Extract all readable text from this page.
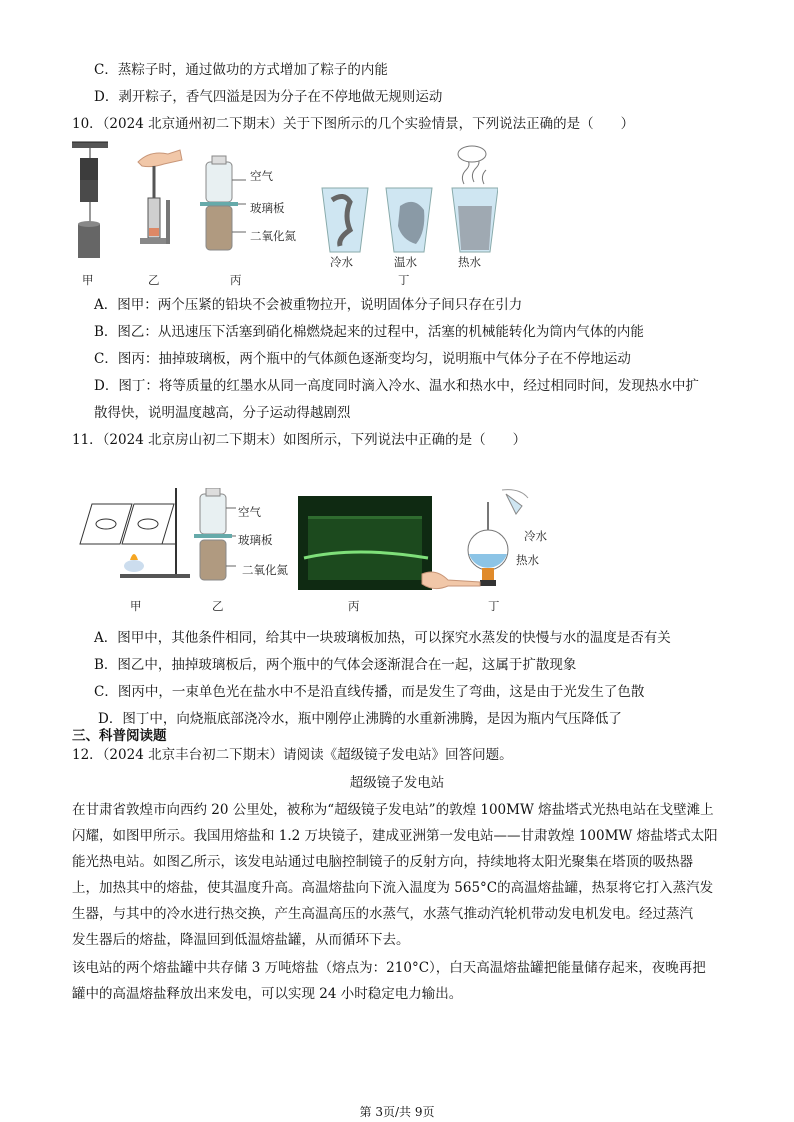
C．蒸粽子时，通过做功的方式增加了粽子的内能
D．剥开粽子，香气四溢是因为分子在不停地做无规则运动
10．（2024 北京通州初二下期末）关于下图所示的几个实验情景，下列说法正确的是（　　）
空气
玻璃板
二氧化氮
冷水	温水	热水
甲	乙	丙	丁
A．图甲：两个压紧的铅块不会被重物拉开，说明固体分子间只存在引力
B．图乙：从迅速压下活塞到硝化棉燃烧起来的过程中，活塞的机械能转化为筒内气体的内能
C．图丙：抽掉玻璃板，两个瓶中的气体颜色逐渐变均匀，说明瓶中气体分子在不停地运动
D．图丁：将等质量的红墨水从同一高度同时滴入冷水、温水和热水中，经过相同时间，发现热水中扩
散得快，说明温度越高，分子运动得越剧烈
11．（2024 北京房山初二下期末）如图所示，下列说法中正确的是（　　）
空气
玻璃板
二氧化氮
冷水
热水
甲	乙	丙	丁
A．图甲中，其他条件相同，给其中一块玻璃板加热，可以探究水蒸发的快慢与水的温度是否有关
B．图乙中，抽掉玻璃板后，两个瓶中的气体会逐渐混合在一起，这属于扩散现象
C．图丙中，一束单色光在盐水中不是沿直线传播，而是发生了弯曲，这是由于光发生了色散
D．图丁中，向烧瓶底部浇冷水，瓶中刚停止沸腾的水重新沸腾，是因为瓶内气压降低了
三、科普阅读题
12．（2024 北京丰台初二下期末）请阅读《超级镜子发电站》回答问题。
超级镜子发电站
在甘肃省敦煌市向西约 20 公里处，被称为“超级镜子发电站”的敦煌 100MW 熔盐塔式光热电站在戈壁滩上
闪耀，如图甲所示。我国用熔盐和 1.2 万块镜子，建成亚洲第一发电站——甘肃敦煌 100MW 熔盐塔式太阳
能光热电站。如图乙所示，该发电站通过电脑控制镜子的反射方向，持续地将太阳光聚集在塔顶的吸热器
上，加热其中的熔盐，使其温度升高。高温熔盐向下流入温度为 565°C的高温熔盐罐，热泵将它打入蒸汽发
生器，与其中的冷水进行热交换，产生高温高压的水蒸气，水蒸气推动汽轮机带动发电机发电。经过蒸汽
发生器后的熔盐，降温回到低温熔盐罐，从而循环下去。
该电站的两个熔盐罐中共存储 3 万吨熔盐（熔点为：210°C），白天高温熔盐罐把能量储存起来，夜晚再把
罐中的高温熔盐释放出来发电，可以实现 24 小时稳定电力输出。
第 3页/共 9页
